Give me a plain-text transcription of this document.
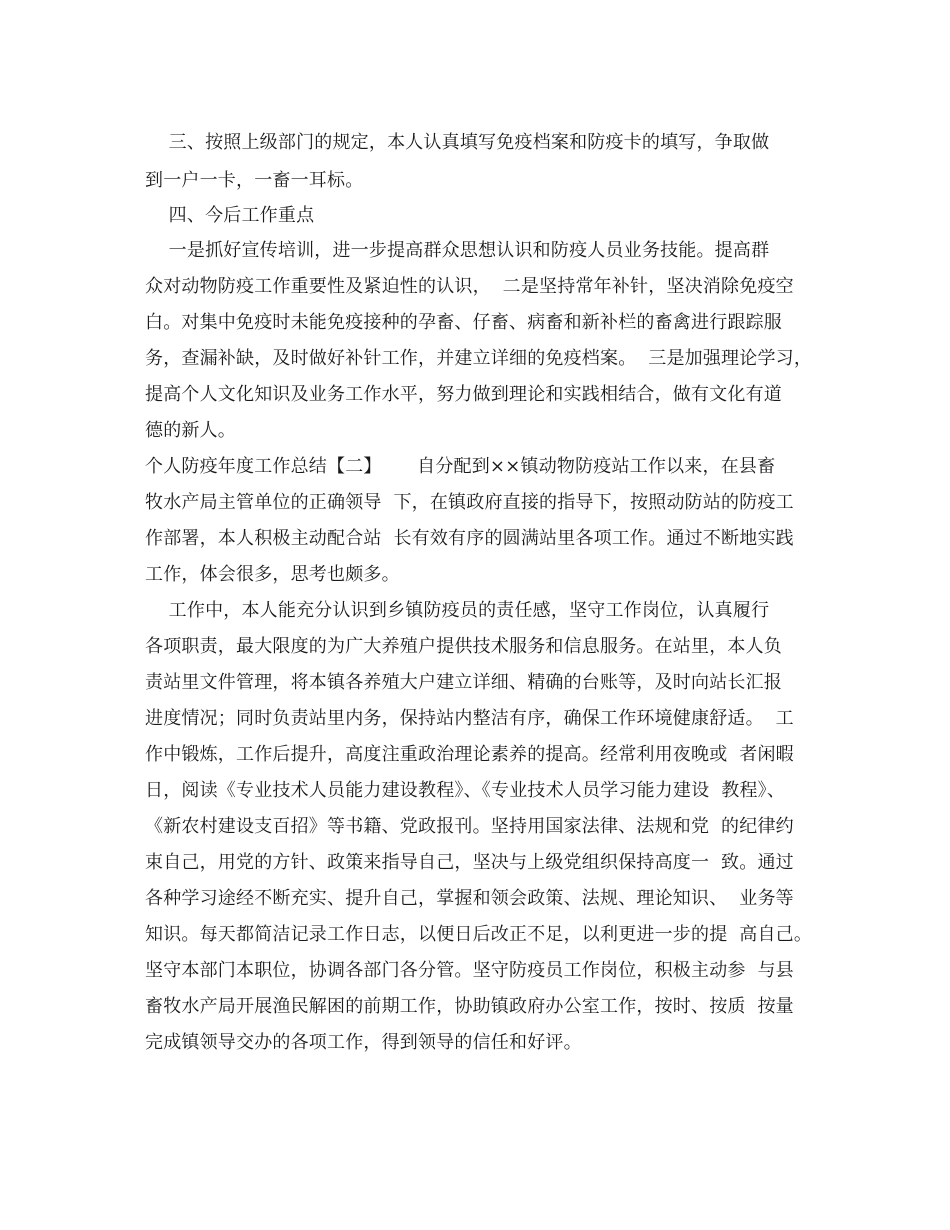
三、按照上级部门的规定，本人认真填写免疫档案和防疫卡的填写，争取做
到一户一卡，一畜一耳标。
四、今后工作重点
一是抓好宣传培训，进一步提高群众思想认识和防疫人员业务技能。提高群
众对动物防疫工作重要性及紧迫性的认识，  二是坚持常年补针，坚决消除免疫空
白。对集中免疫时未能免疫接种的孕畜、仔畜、病畜和新补栏的畜禽进行跟踪服
务，查漏补缺，及时做好补针工作，并建立详细的免疫档案。  三是加强理论学习，
提高个人文化知识及业务工作水平，努力做到理论和实践相结合，做有文化有道
德的新人。
个人防疫年度工作总结【二】      自分配到××镇动物防疫站工作以来，在县畜
牧水产局主管单位的正确领导  下，在镇政府直接的指导下，按照动防站的防疫工
作部署，本人积极主动配合站  长有效有序的圆满站里各项工作。通过不断地实践
工作，体会很多，思考也颇多。
工作中，本人能充分认识到乡镇防疫员的责任感，坚守工作岗位，认真履行
各项职责，最大限度的为广大养殖户提供技术服务和信息服务。在站里，本人负
责站里文件管理，将本镇各养殖大户建立详细、精确的台账等，及时向站长汇报
进度情况；同时负责站里内务，保持站内整洁有序，确保工作环境健康舒适。  工
作中锻炼，工作后提升，高度注重政治理论素养的提高。经常利用夜晚或  者闲暇
日，阅读《专业技术人员能力建设教程》、《专业技术人员学习能力建设  教程》、
《新农村建设支百招》等书籍、党政报刊。坚持用国家法律、法规和党  的纪律约
束自己，用党的方针、政策来指导自己，坚决与上级党组织保持高度一  致。通过
各种学习途经不断充实、提升自己，掌握和领会政策、法规、理论知识、  业务等
知识。每天都简洁记录工作日志，以便日后改正不足，以利更进一步的提  高自己。
坚守本部门本职位，协调各部门各分管。坚守防疫员工作岗位，积极主动参  与县
畜牧水产局开展渔民解困的前期工作，协助镇政府办公室工作，按时、按质  按量
完成镇领导交办的各项工作，得到领导的信任和好评。
